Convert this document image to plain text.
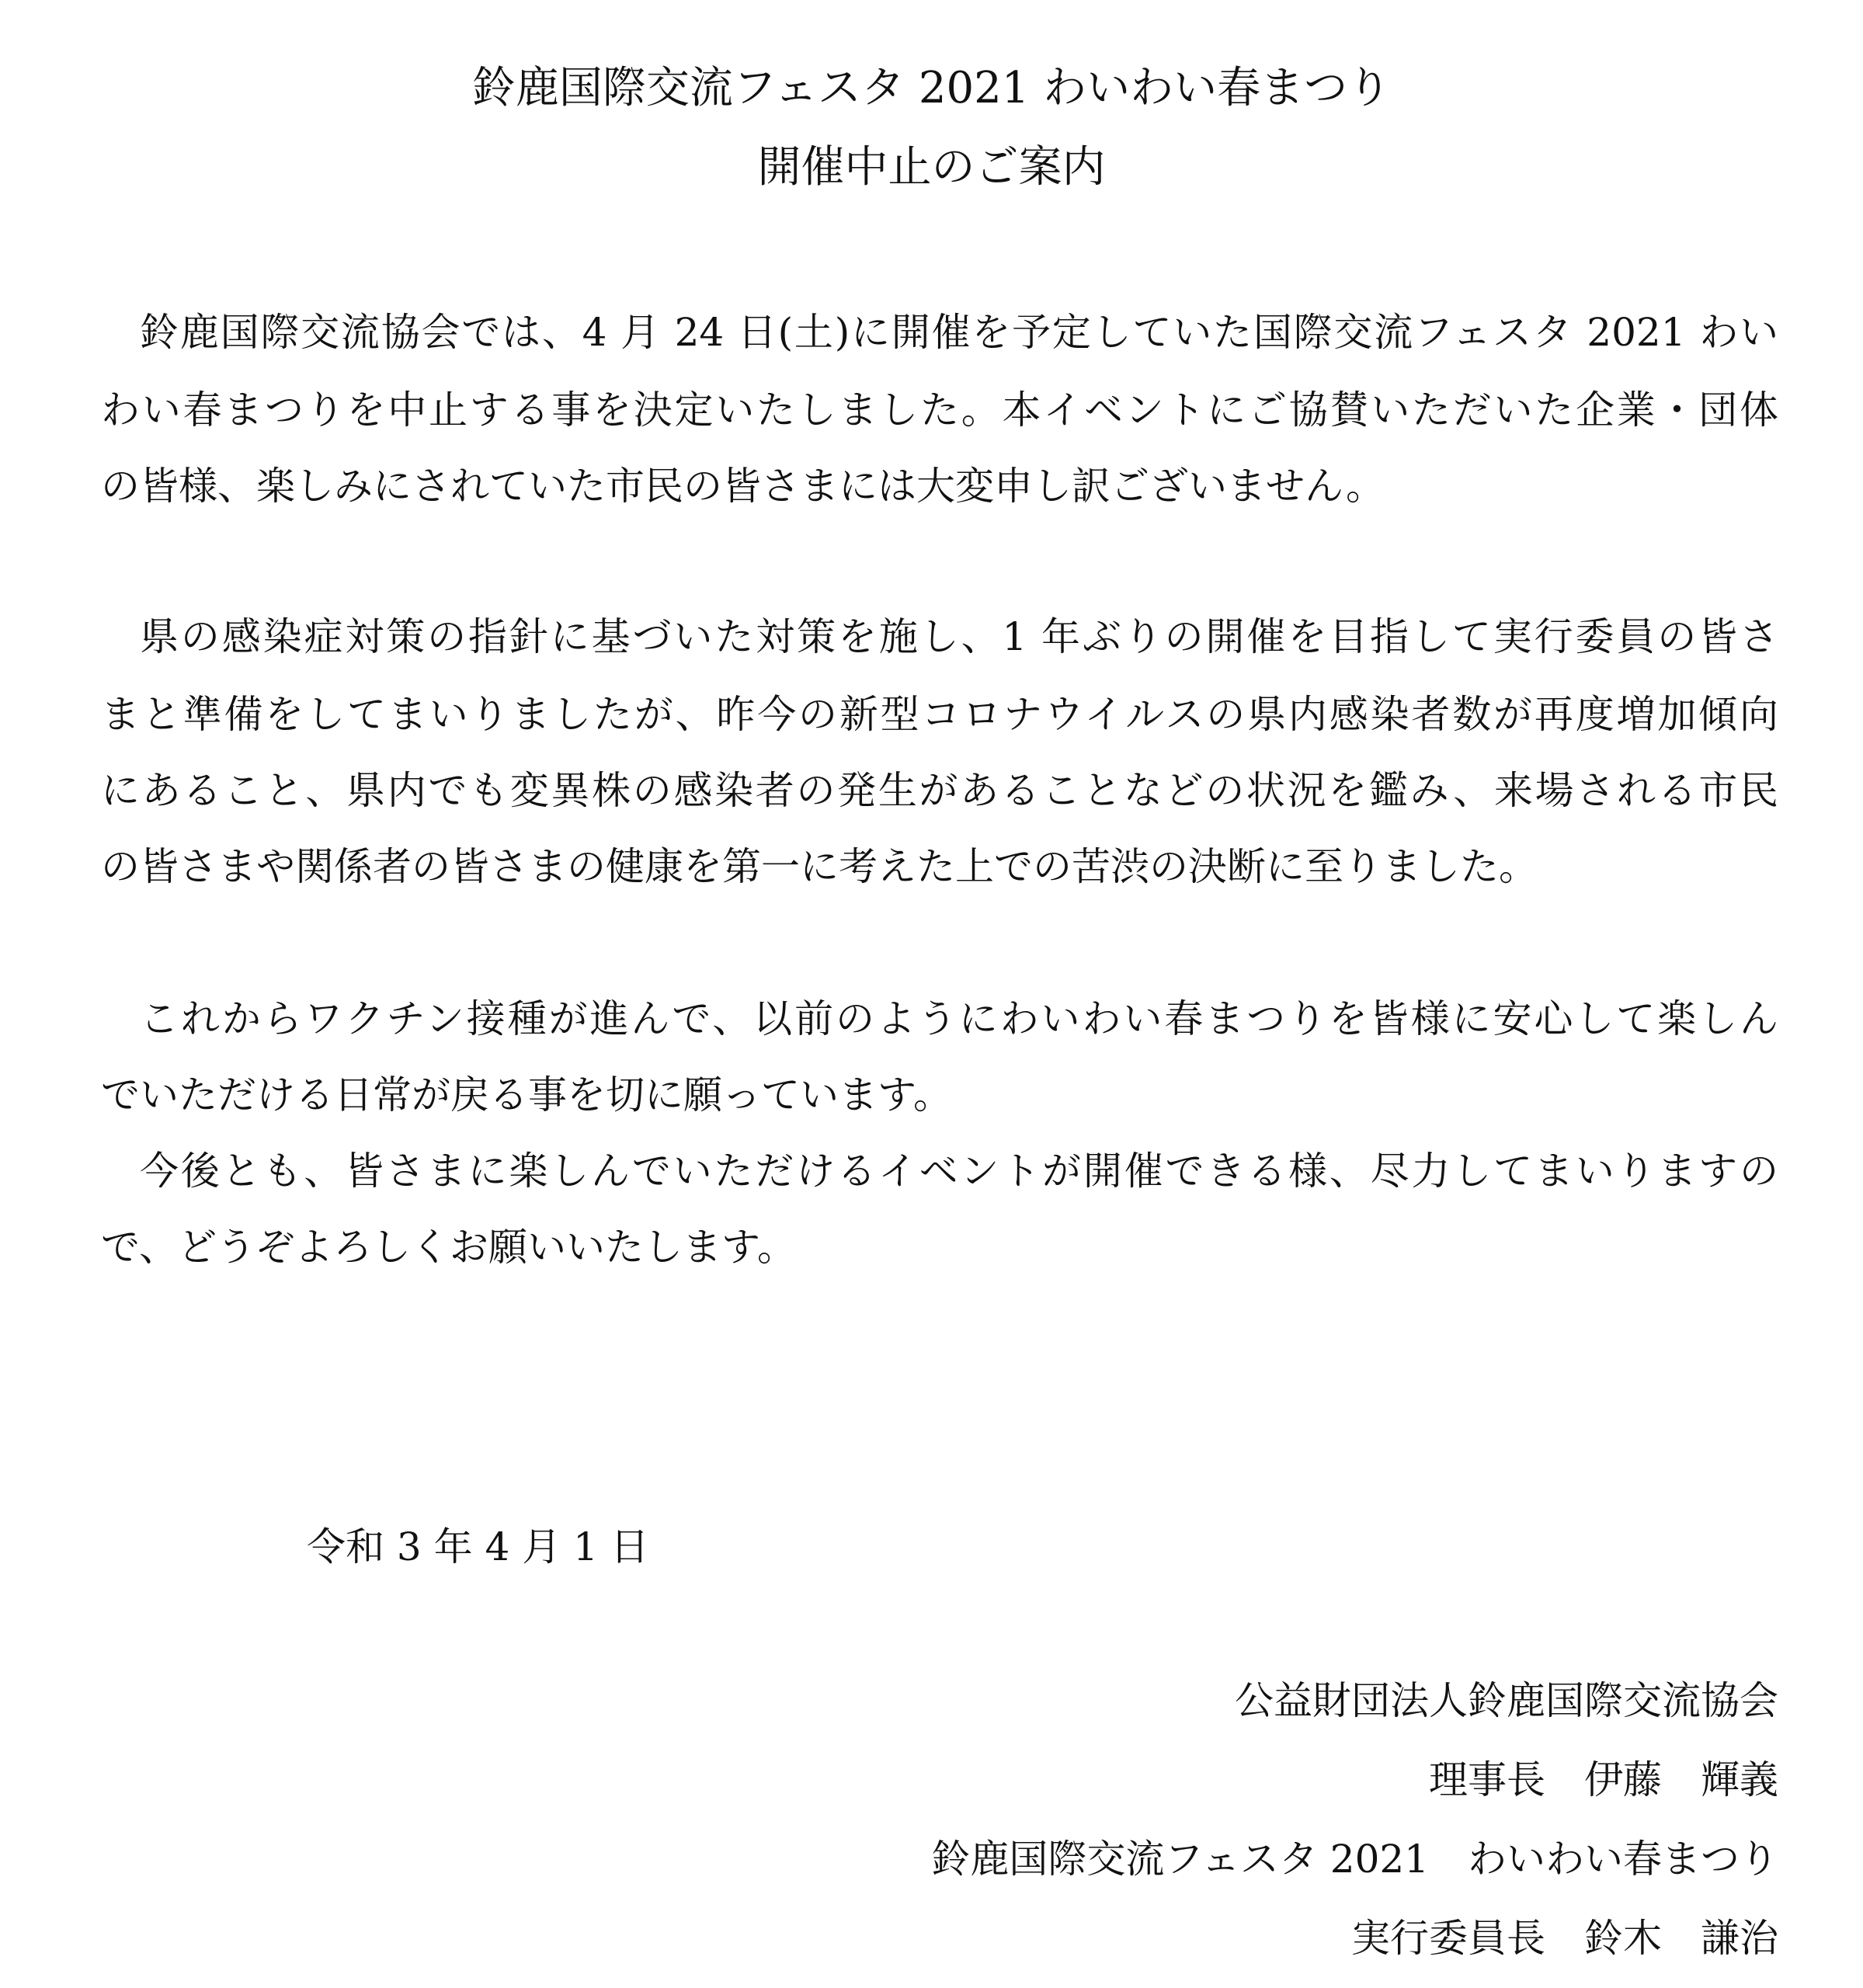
鈴鹿国際交流フェスタ 2021 わいわい春まつり
開催中止のご案内
鈴鹿国際交流協会では、4 月 24 日(土)に開催を予定していた国際交流フェスタ 2021 わい
わい春まつりを中止する事を決定いたしました。本イベントにご協賛いただいた企業・団体
の皆様、楽しみにされていた市民の皆さまには大変申し訳ございません。
県の感染症対策の指針に基づいた対策を施し、1 年ぶりの開催を目指して実行委員の皆さ
まと準備をしてまいりましたが、昨今の新型コロナウイルスの県内感染者数が再度増加傾向
にあること、県内でも変異株の感染者の発生があることなどの状況を鑑み、来場される市民
の皆さまや関係者の皆さまの健康を第一に考えた上での苦渋の決断に至りました。
これからワクチン接種が進んで、以前のようにわいわい春まつりを皆様に安心して楽しん
でいただける日常が戻る事を切に願っています。
今後とも、皆さまに楽しんでいただけるイベントが開催できる様、尽力してまいりますの
で、どうぞよろしくお願いいたします。
令和 3 年 4 月 1 日
公益財団法人鈴鹿国際交流協会
理事長　伊藤　輝義
鈴鹿国際交流フェスタ 2021　わいわい春まつり
実行委員長　鈴木　謙治
